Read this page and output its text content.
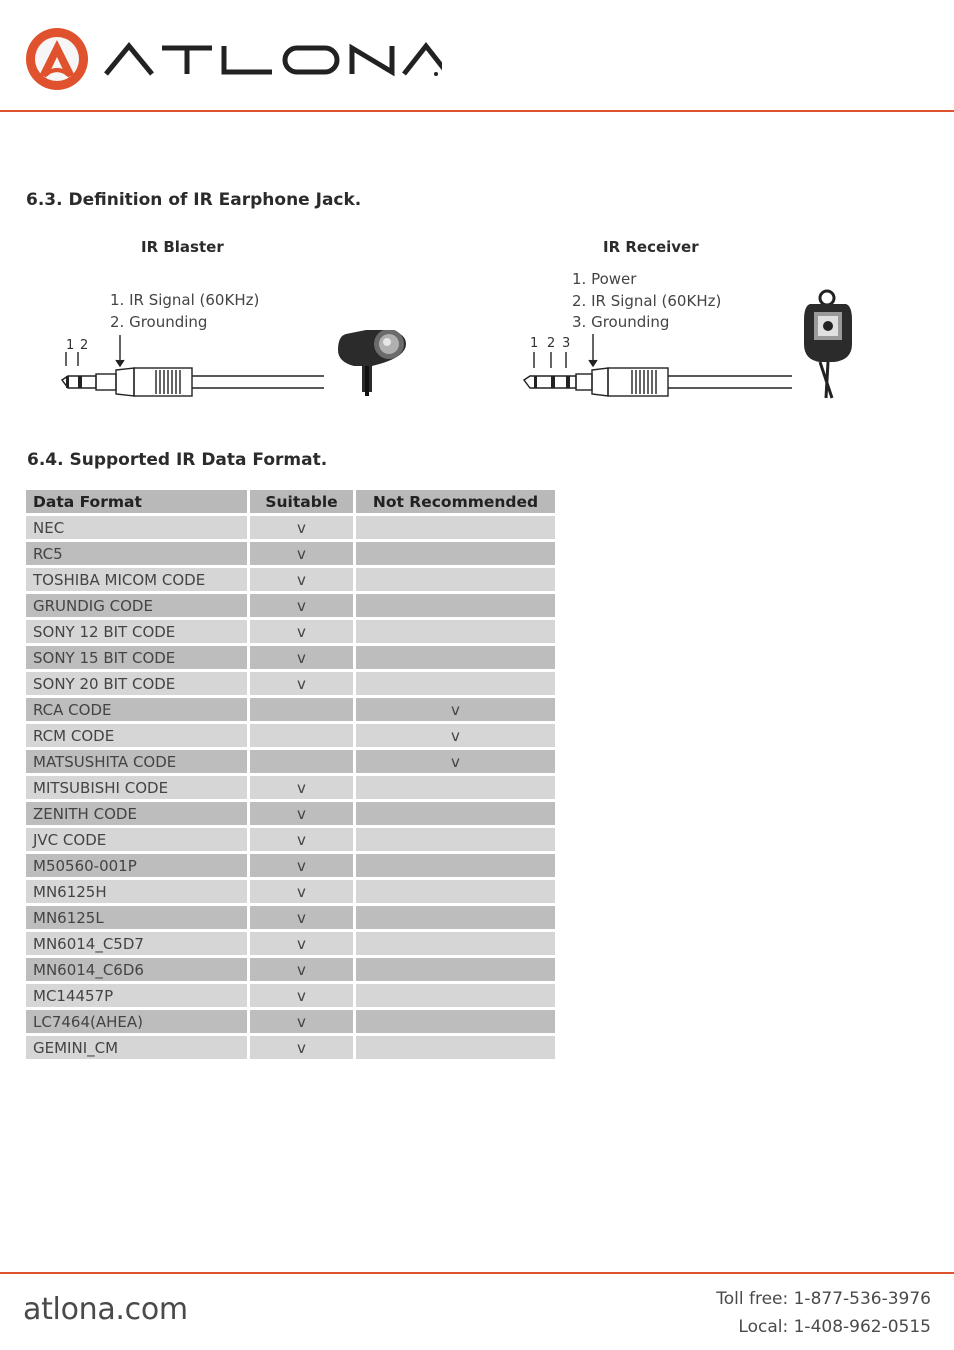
6.3. Definition of IR Earphone Jack.
IR Blaster
1. IR Signal (60KHz)
2. Grounding
1 2
IR Receiver
1. Power
2. IR Signal (60KHz)
3. Grounding
1 2 3
6.4. Supported IR Data Format.
Data Format	Suitable	Not Recommended
NEC	v	
RC5	v	
TOSHIBA MICOM CODE	v	
GRUNDIG CODE	v	
SONY 12 BIT CODE	v	
SONY 15 BIT CODE	v	
SONY 20 BIT CODE	v	
RCA CODE		v
RCM CODE		v
MATSUSHITA CODE		v
MITSUBISHI CODE	v	
ZENITH CODE	v	
JVC CODE	v	
M50560-001P	v	
MN6125H	v	
MN6125L	v	
MN6014_C5D7	v	
MN6014_C6D6	v	
MC14457P	v	
LC7464(AHEA)	v	
GEMINI_CM	v	
atlona.com	Toll free: 1-877-536-3976
Local: 1-408-962-0515
